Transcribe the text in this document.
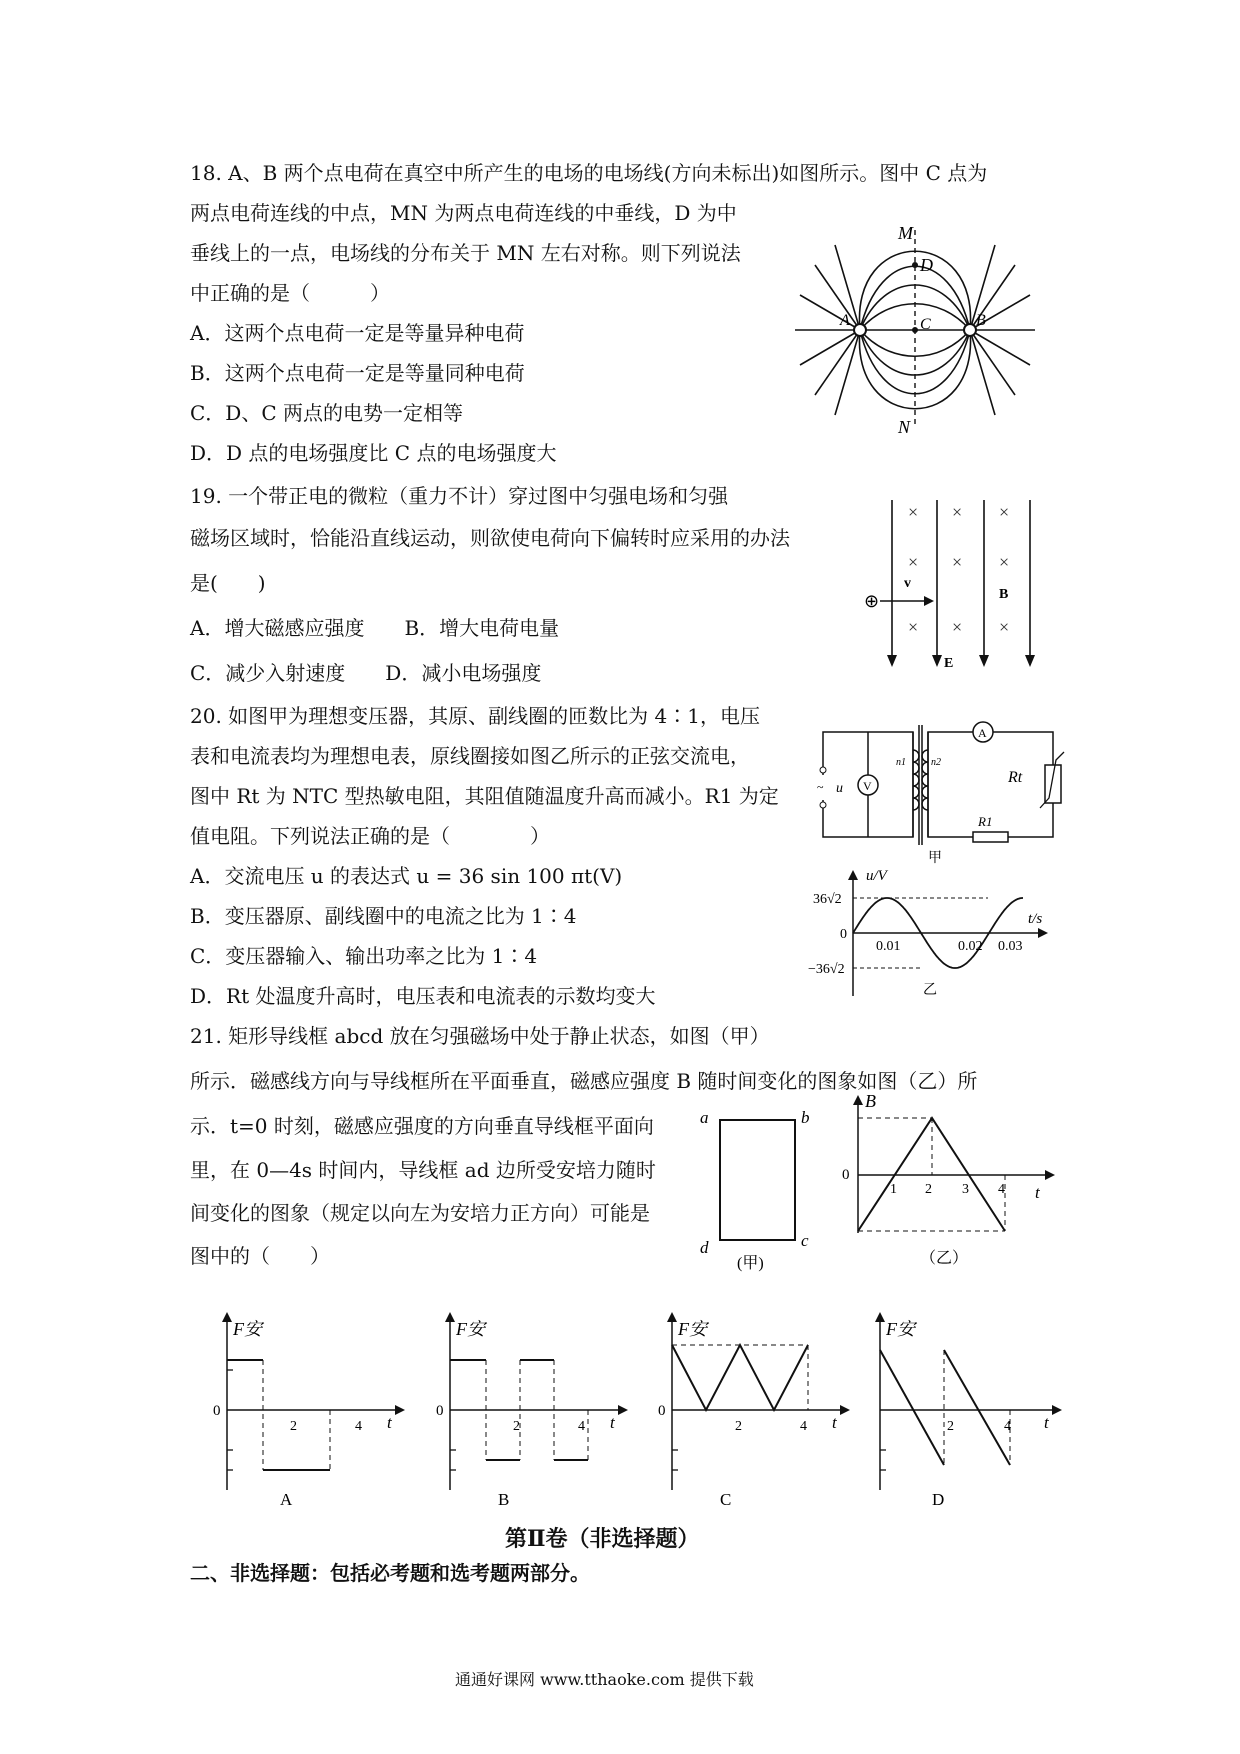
18. A、B 两个点电荷在真空中所产生的电场的电场线(方向未标出)如图所示。图中 C 点为
两点电荷连线的中点，MN 为两点电荷连线的中垂线，D 为中
垂线上的一点，电场线的分布关于 MN 左右对称。则下列说法
中正确的是（　　　）
A．这两个点电荷一定是等量异种电荷
B．这两个点电荷一定是等量同种电荷
C．D、C 两点的电势一定相等
D．D 点的电场强度比 C 点的电场强度大
M
D
C
A	B
N
19. 一个带正电的微粒（重力不计）穿过图中匀强电场和匀强
磁场区域时，恰能沿直线运动，则欲使电荷向下偏转时应采用的办法
是(　　)
A．增大磁感应强度　　B．增大电荷电量
C．减少入射速度　　D．减小电场强度
× × ×
× × ×
× × ×
⊕
v
E
B
20. 如图甲为理想变压器，其原、副线圈的匝数比为 4∶1，电压
表和电流表均为理想电表，原线圈接如图乙所示的正弦交流电，
图中 Rt 为 NTC 型热敏电阻，其阻值随温度升高而减小。R1 为定
值电阻。下列说法正确的是（　　　　）
A．交流电压 u 的表达式 u = 36 sin 100 πt(V)
B．变压器原、副线圈中的电流之比为 1∶4
C．变压器输入、输出功率之比为 1∶4
D．Rt 处温度升高时，电压表和电流表的示数均变大
~ u V
A
n1	n2
Rt
R1
甲
u/V
t/s
36√2
−36√2
0
0.01	0.02 0.03
乙
21. 矩形导线框 abcd 放在匀强磁场中处于静止状态，如图（甲）
所示．磁感线方向与导线框所在平面垂直，磁感应强度 B 随时间变化的图象如图（乙）所
示．t=0 时刻，磁感应强度的方向垂直导线框平面向
里，在 0—4s 时间内，导线框 ad 边所受安培力随时
间变化的图象（规定以向左为安培力正方向）可能是
图中的（　　）
a	b
c
d
(甲)
B
t
0
1 2 3 4
（乙）
F安
t
0
2	4
A
F安
t
0
2	4
B
F安
t
0
2	4
C
F安
t
2	4
D
第Ⅱ卷（非选择题）
二、非选择题：包括必考题和选考题两部分。
通通好课网 www.tthaoke.com 提供下载
